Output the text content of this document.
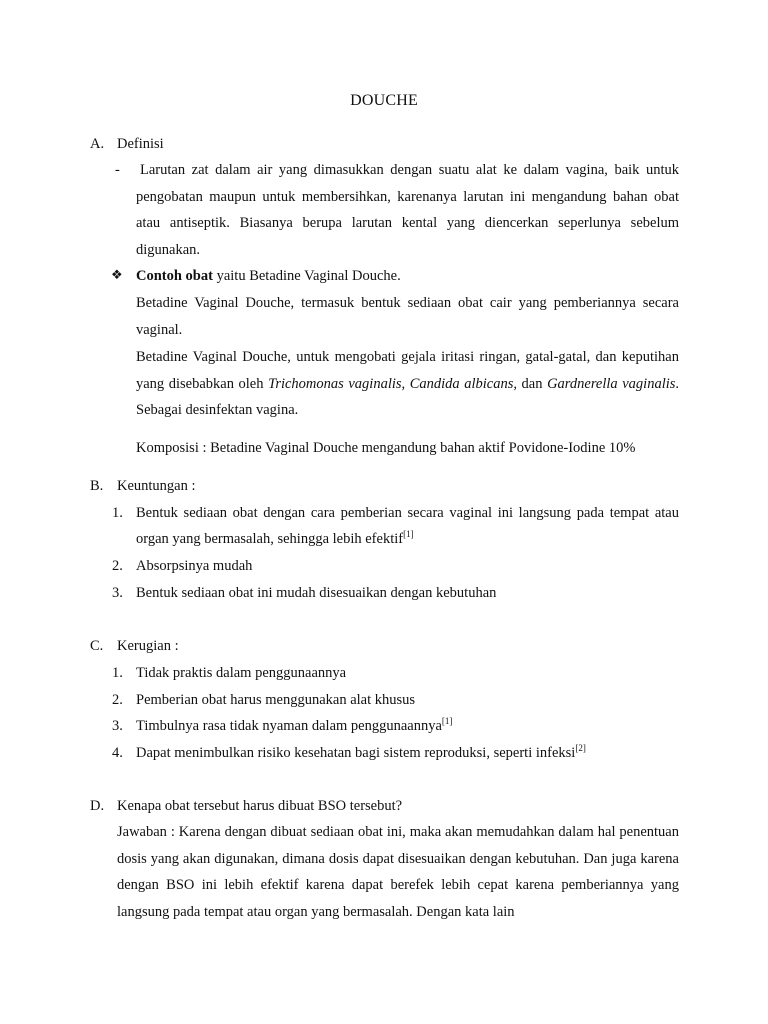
DOUCHE
A. Definisi
- Larutan zat dalam air yang dimasukkan dengan suatu alat ke dalam vagina, baik untuk pengobatan maupun untuk membersihkan, karenanya larutan ini mengandung bahan obat atau antiseptik. Biasanya berupa larutan kental yang diencerkan seperlunya sebelum digunakan.
❖ Contoh obat yaitu Betadine Vaginal Douche.
Betadine Vaginal Douche, termasuk bentuk sediaan obat cair yang pemberiannya secara vaginal.
Betadine Vaginal Douche, untuk mengobati gejala iritasi ringan, gatal-gatal, dan keputihan yang disebabkan oleh Trichomonas vaginalis, Candida albicans, dan Gardnerella vaginalis. Sebagai desinfektan vagina.
Komposisi : Betadine Vaginal Douche mengandung bahan aktif Povidone-Iodine 10%
B. Keuntungan :
1. Bentuk sediaan obat dengan cara pemberian secara vaginal ini langsung pada tempat atau
organ yang bermasalah, sehingga lebih efektif[1]
2. Absorpsinya mudah
3. Bentuk sediaan obat ini mudah disesuaikan dengan kebutuhan
C. Kerugian :
1. Tidak praktis dalam penggunaannya
2. Pemberian obat harus menggunakan alat khusus
3. Timbulnya rasa tidak nyaman dalam penggunaannya[1]
4. Dapat menimbulkan risiko kesehatan bagi sistem reproduksi, seperti infeksi[2]
D. Kenapa obat tersebut harus dibuat BSO tersebut?
Jawaban : Karena dengan dibuat sediaan obat ini, maka akan memudahkan dalam hal penentuan dosis yang akan digunakan, dimana dosis dapat disesuaikan dengan kebutuhan. Dan juga karena dengan BSO ini lebih efektif karena dapat berefek lebih cepat karena pemberiannya yang langsung pada tempat atau organ yang bermasalah. Dengan kata lain
